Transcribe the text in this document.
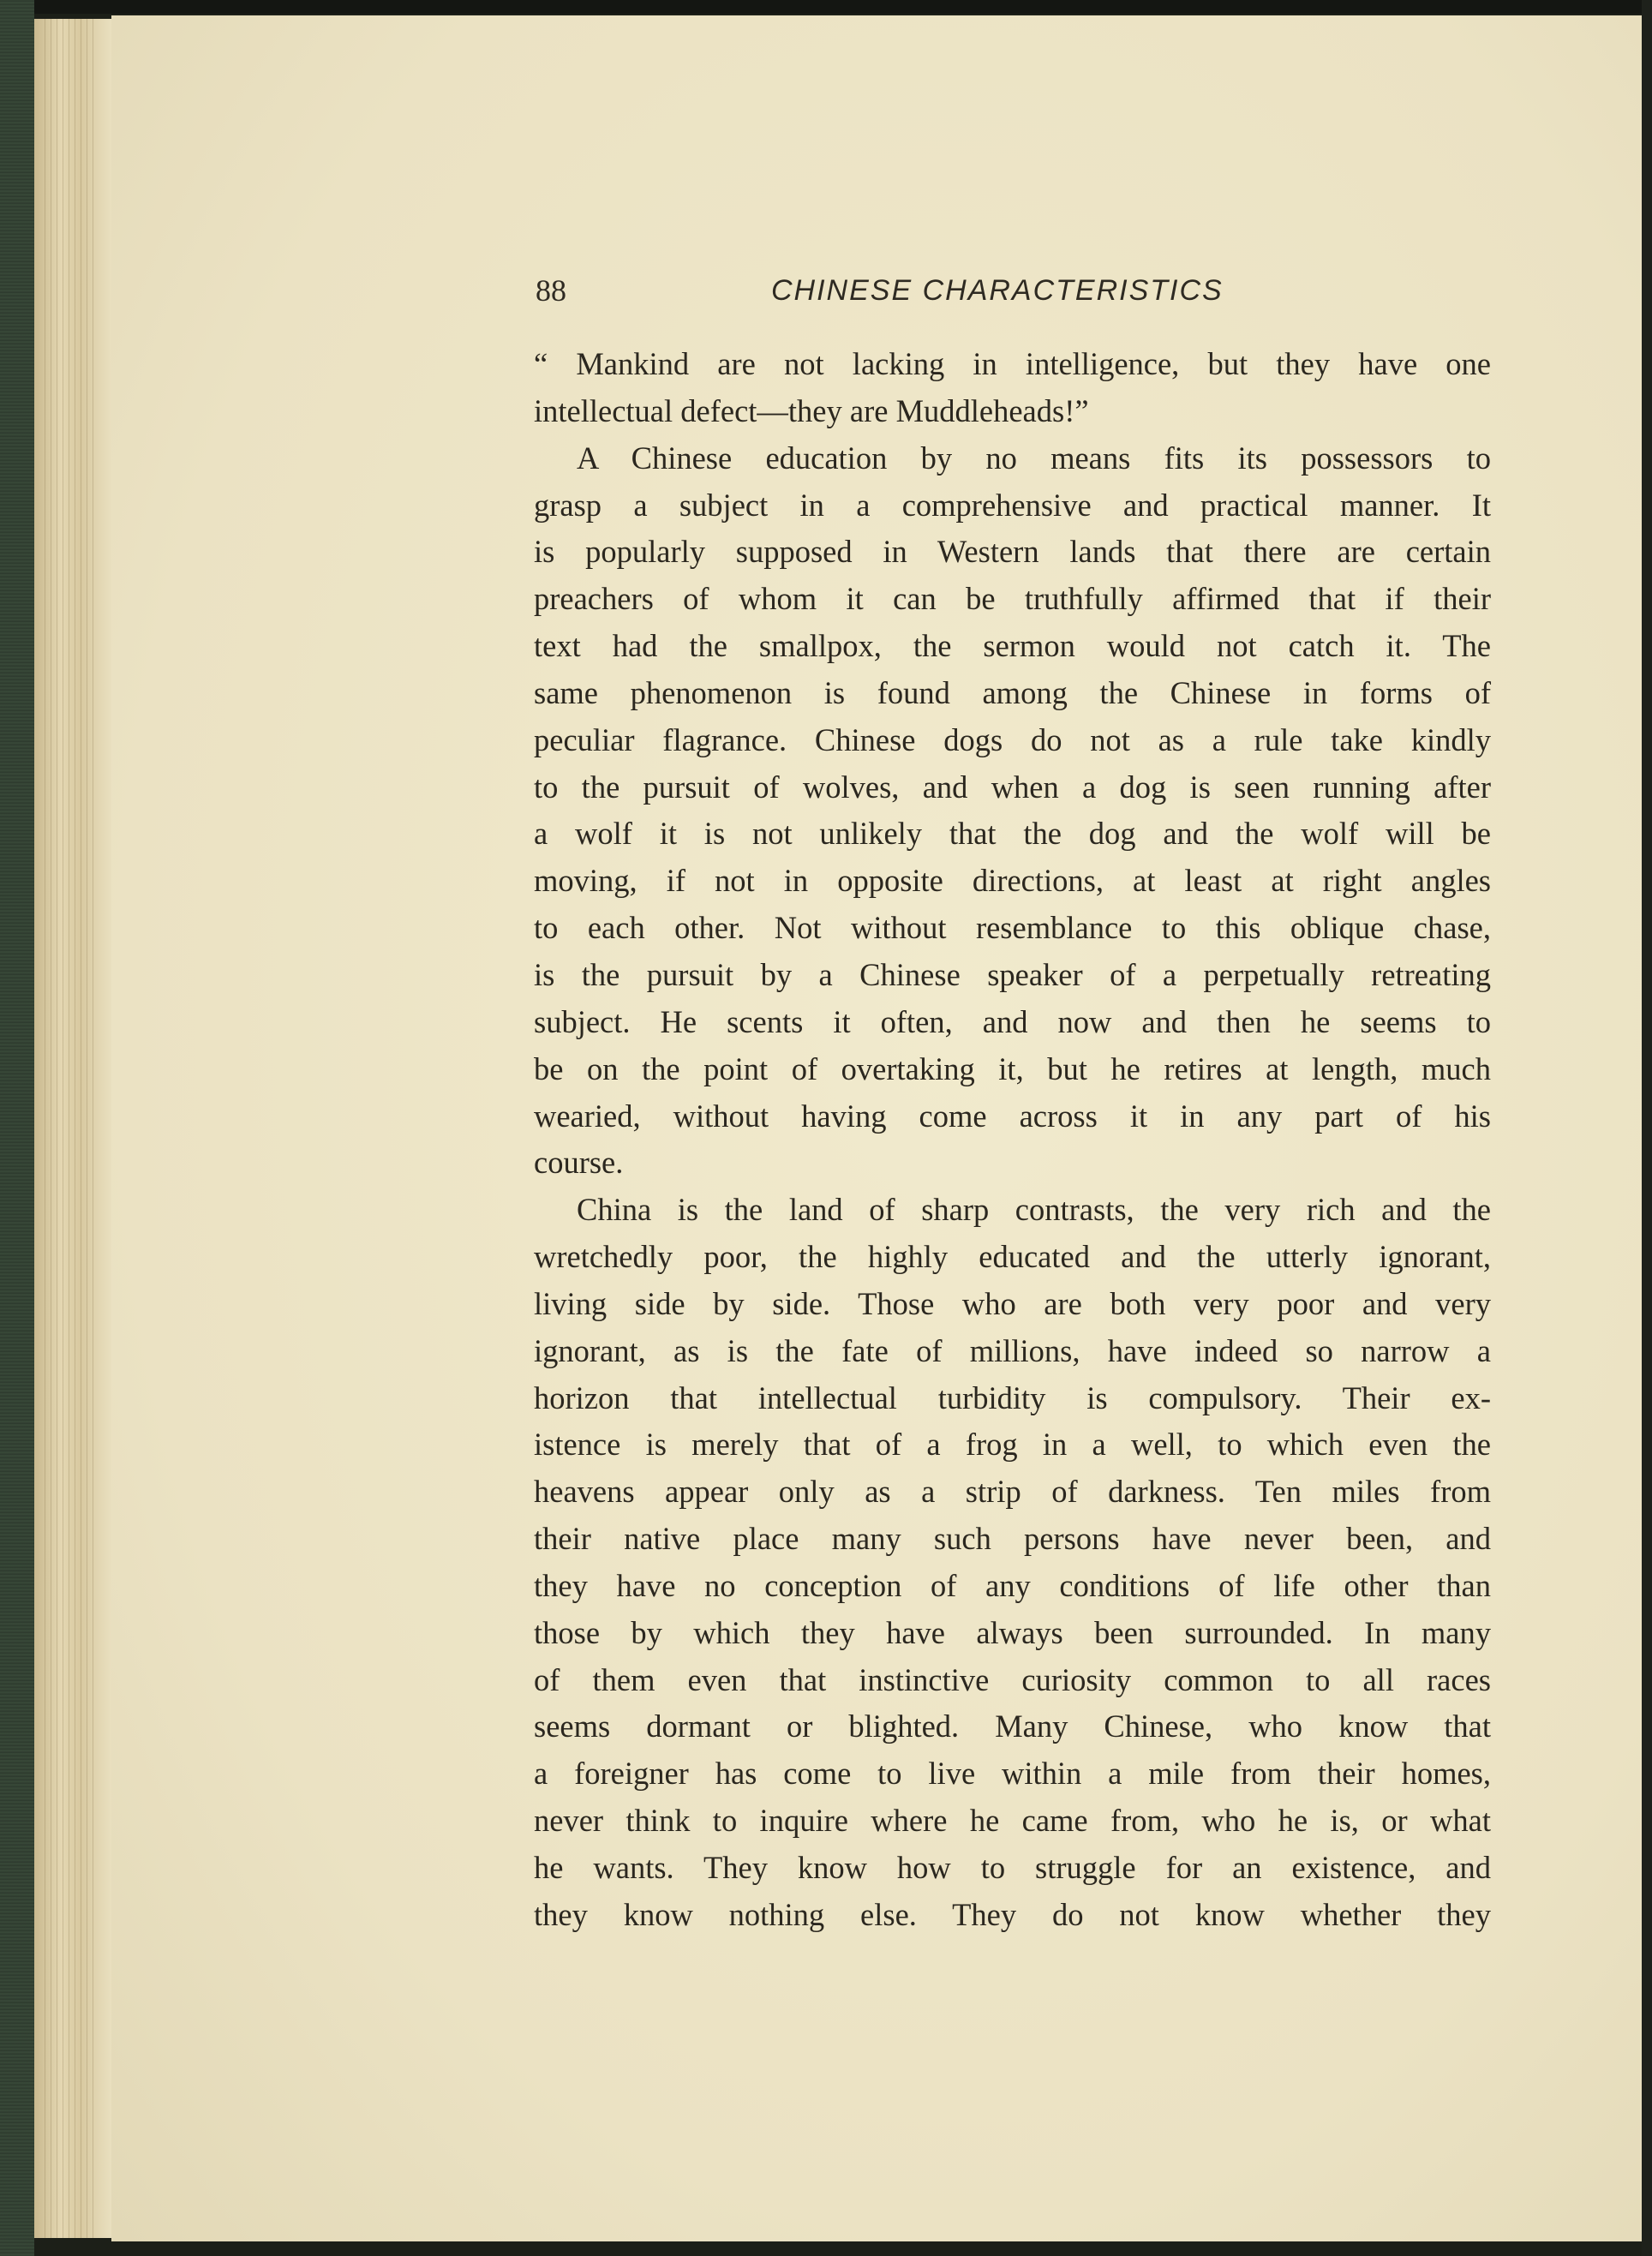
88	CHINESE CHARACTERISTICS
“ Mankind are not lacking in intelligence, but they have one
intellectual defect—they are Muddleheads!”
A Chinese education by no means fits its possessors to
grasp a subject in a comprehensive and practical manner. It
is popularly supposed in Western lands that there are certain
preachers of whom it can be truthfully affirmed that if their
text had the smallpox, the sermon would not catch it. The
same phenomenon is found among the Chinese in forms of
peculiar flagrance. Chinese dogs do not as a rule take kindly
to the pursuit of wolves, and when a dog is seen running after
a wolf it is not unlikely that the dog and the wolf will be
moving, if not in opposite directions, at least at right angles
to each other. Not without resemblance to this oblique chase,
is the pursuit by a Chinese speaker of a perpetually retreating
subject. He scents it often, and now and then he seems to
be on the point of overtaking it, but he retires at length, much
wearied, without having come across it in any part of his
course.
China is the land of sharp contrasts, the very rich and the
wretchedly poor, the highly educated and the utterly ignorant,
living side by side. Those who are both very poor and very
ignorant, as is the fate of millions, have indeed so narrow a
horizon that intellectual turbidity is compulsory. Their ex-
istence is merely that of a frog in a well, to which even the
heavens appear only as a strip of darkness. Ten miles from
their native place many such persons have never been, and
they have no conception of any conditions of life other than
those by which they have always been surrounded. In many
of them even that instinctive curiosity common to all races
seems dormant or blighted. Many Chinese, who know that
a foreigner has come to live within a mile from their homes,
never think to inquire where he came from, who he is, or what
he wants. They know how to struggle for an existence, and
they know nothing else. They do not know whether they
